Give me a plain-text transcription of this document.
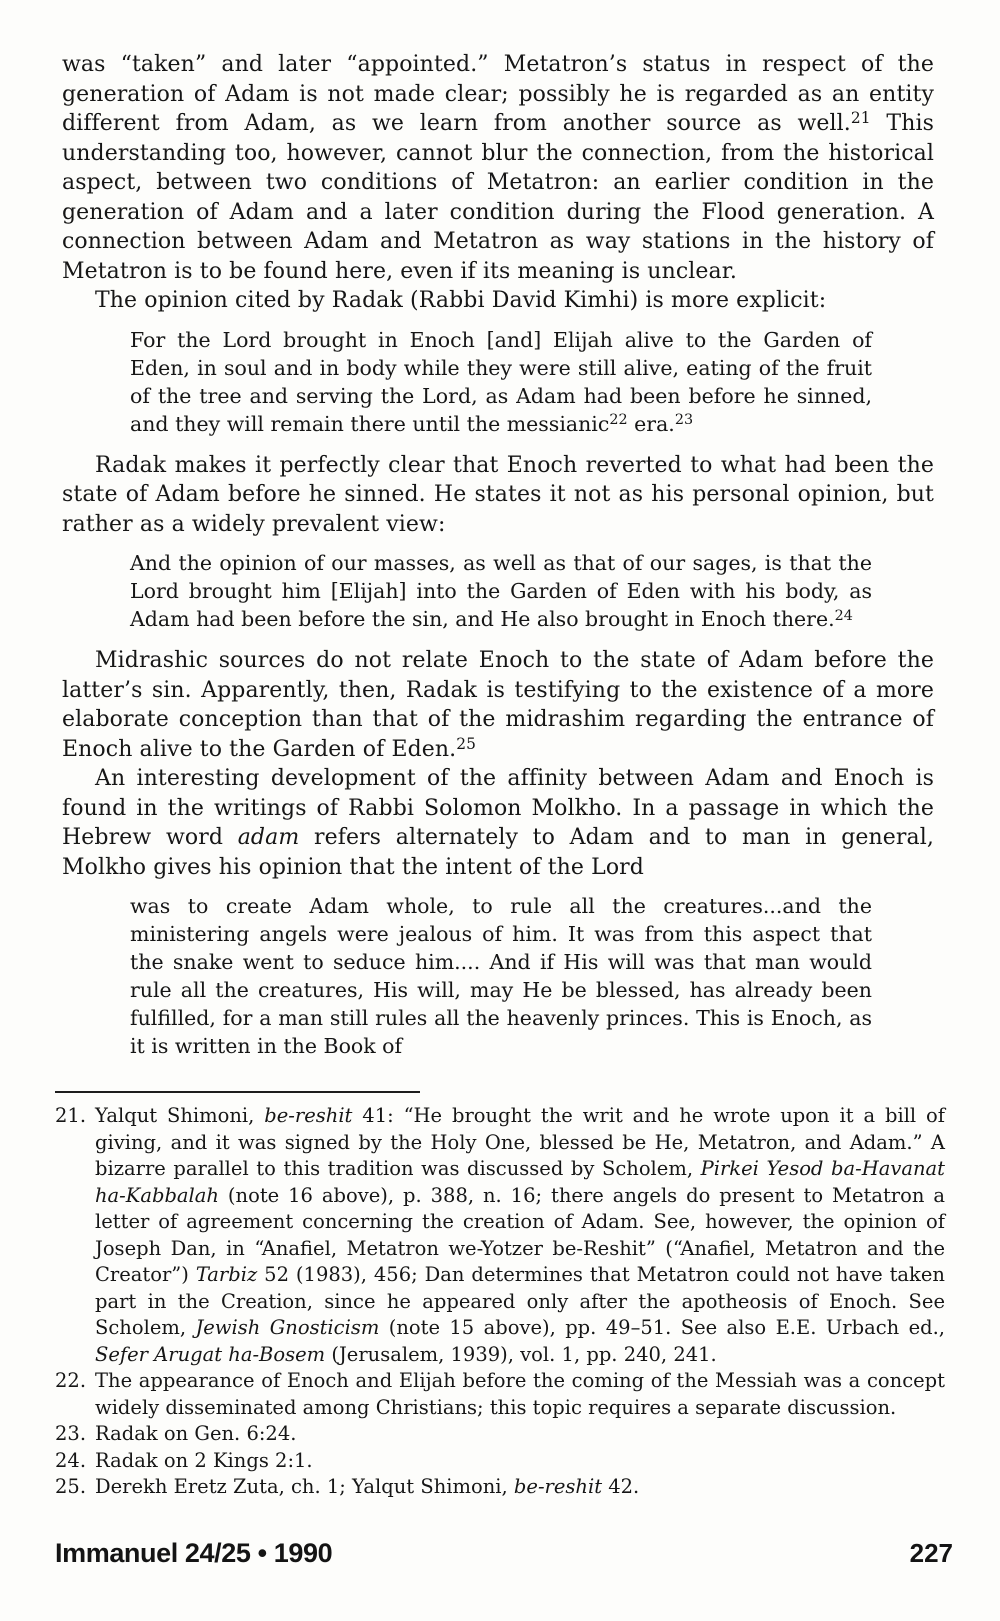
was “taken” and later “appointed.” Metatron’s status in respect of the generation of Adam is not made clear; possibly he is regarded as an entity different from Adam, as we learn from another source as well.$^{21}$ This understanding too, however, cannot blur the connection, from the historical aspect, between two conditions of Metatron: an earlier condition in the generation of Adam and a later condition during the Flood generation. A connection between Adam and Metatron as way stations in the history of Metatron is to be found here, even if its meaning is unclear.

The opinion cited by Radak (Rabbi David Kimhi) is more explicit:

For the Lord brought in Enoch [and] Elijah alive to the Garden of Eden, in soul and in body while they were still alive, eating of the fruit of the tree and serving the Lord, as Adam had been before he sinned, and they will remain there until the messianic$^{22}$ era.$^{23}$

Radak makes it perfectly clear that Enoch reverted to what had been the state of Adam before he sinned. He states it not as his personal opinion, but rather as a widely prevalent view:

And the opinion of our masses, as well as that of our sages, is that the Lord brought him [Elijah] into the Garden of Eden with his body, as Adam had been before the sin, and He also brought in Enoch there.$^{24}$

Midrashic sources do not relate Enoch to the state of Adam before the latter’s sin. Apparently, then, Radak is testifying to the existence of a more elaborate conception than that of the midrashim regarding the entrance of Enoch alive to the Garden of Eden.$^{25}$

An interesting development of the affinity between Adam and Enoch is found in the writings of Rabbi Solomon Molkho. In a passage in which the Hebrew word adam refers alternately to Adam and to man in general, Molkho gives his opinion that the intent of the Lord

was to create Adam whole, to rule all the creatures...and the ministering angels were jealous of him. It was from this aspect that the snake went to seduce him.... And if His will was that man would rule all the creatures, His will, may He be blessed, has already been fulfilled, for a man still rules all the heavenly princes. This is Enoch, as it is written in the Book of

21. Yalqut Shimoni, be-reshit 41: “He brought the writ and he wrote upon it a bill of giving, and it was signed by the Holy One, blessed be He, Metatron, and Adam.” A bizarre parallel to this tradition was discussed by Scholem, Pirkei Yesod ba-Havanat ha-Kabbalah (note 16 above), p. 388, n. 16; there angels do present to Metatron a letter of agreement concerning the creation of Adam. See, however, the opinion of Joseph Dan, in “Anafiel, Metatron we-Yotzer be-Reshit” (“Anafiel, Metatron and the Creator”) Tarbiz 52 (1983), 456; Dan determines that Metatron could not have taken part in the Creation, since he appeared only after the apotheosis of Enoch. See Scholem, Jewish Gnosticism (note 15 above), pp. 49–51. See also E.E. Urbach ed., Sefer Arugat ha-Bosem (Jerusalem, 1939), vol. 1, pp. 240, 241.

22. The appearance of Enoch and Elijah before the coming of the Messiah was a concept widely disseminated among Christians; this topic requires a separate discussion.

23. Radak on Gen. 6:24.

24. Radak on 2 Kings 2:1.

25. Derekh Eretz Zuta, ch. 1; Yalqut Shimoni, be-reshit 42.

Immanuel 24/25 • 1990	227
